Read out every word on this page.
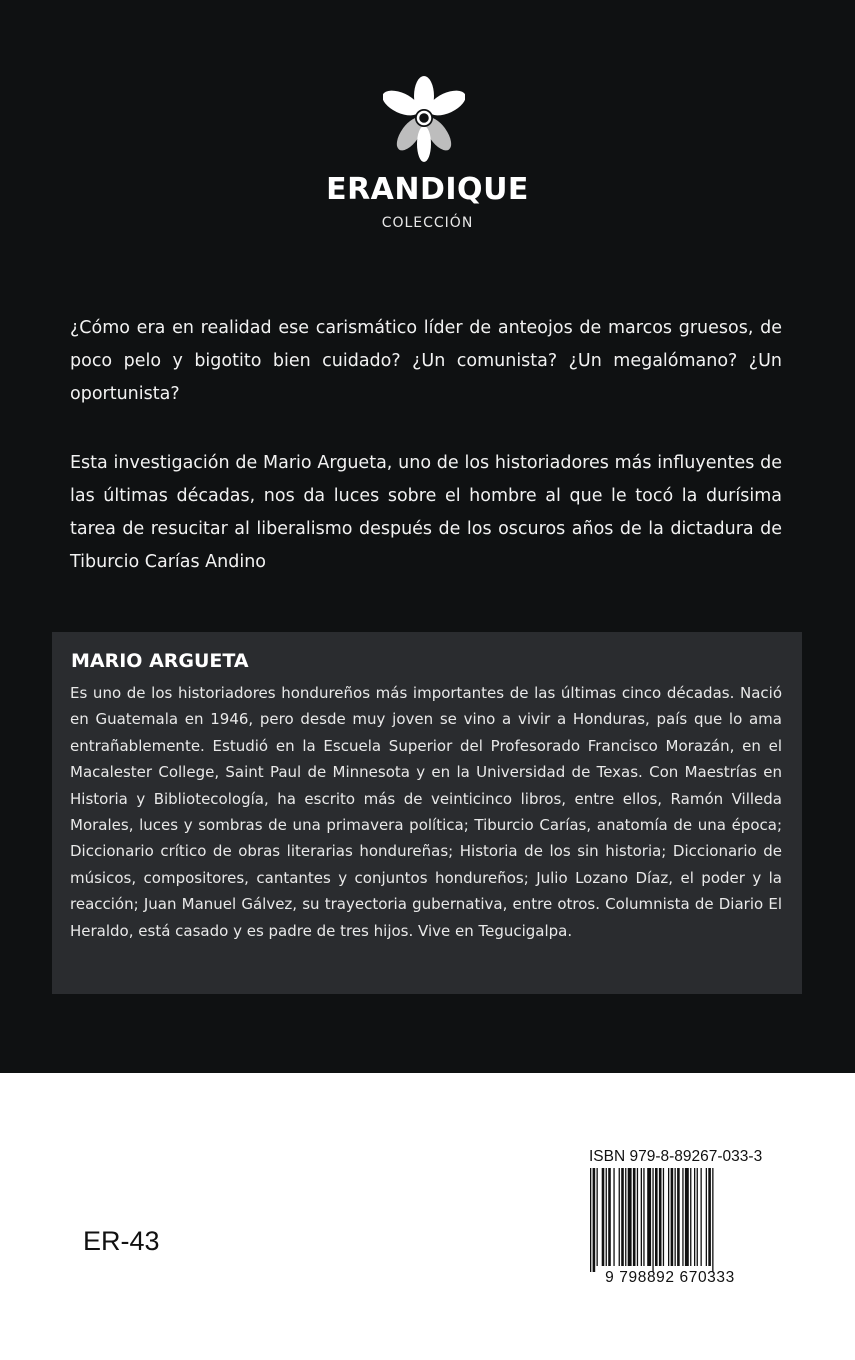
ERANDIQUE
COLECCIÓN

¿Cómo era en realidad ese carismático líder de anteojos de marcos gruesos, de poco pelo y bigotito bien cuidado? ¿Un comunista? ¿Un megalómano? ¿Un oportunista?

Esta investigación de Mario Argueta, uno de los historiadores más influyentes de las últimas décadas, nos da luces sobre el hombre al que le tocó la durísima tarea de resucitar al liberalismo después de los oscuros años de la dictadura de Tiburcio Carías Andino

MARIO ARGUETA

Es uno de los historiadores hondureños más importantes de las últimas cinco décadas. Nació en Guatemala en 1946, pero desde muy joven se vino a vivir a Honduras, país que lo ama entrañablemente. Estudió en la Escuela Superior del Profesorado Francisco Morazán, en el Macalester College, Saint Paul de Minnesota y en la Universidad de Texas. Con Maestrías en Historia y Bibliotecología, ha escrito más de veinticinco libros, entre ellos, Ramón Villeda Morales, luces y sombras de una primavera política; Tiburcio Carías, anatomía de una época; Diccionario crítico de obras literarias hondureñas; Historia de los sin historia; Diccionario de músicos, compositores, cantantes y conjuntos hondureños; Julio Lozano Díaz, el poder y la reacción; Juan Manuel Gálvez, su trayectoria gubernativa, entre otros. Columnista de Diario El Heraldo, está casado y es padre de tres hijos. Vive en Tegucigalpa.

ER-43
ISBN 979-8-89267-033-3
9 798892 670333
